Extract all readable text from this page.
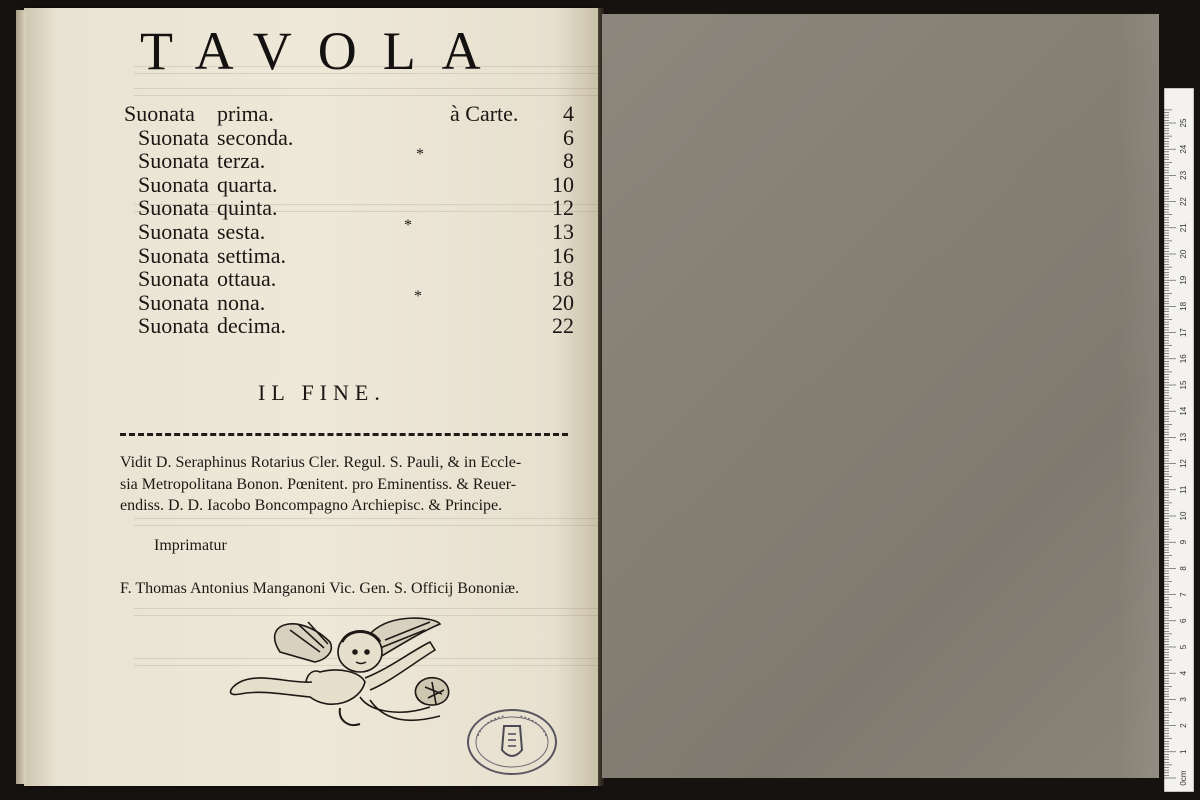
TAVOLA
Suonata prima.	à Carte.	4
Suonata seconda.	6
Suonata terza.	*	8
Suonata quarta.	10
Suonata quinta.	12
Suonata sesta.	*	13
Suonata settima.	16
Suonata ottaua.	18
Suonata nona.	*	20
Suonata decima.	22
IL FINE.

Vidit D. Seraphinus Rotarius Cler. Regul. S. Pauli, & in Eccle-
sia Metropolitana Bonon. Pœnitent. pro Eminentiss. & Reuer-
endiss. D. D. Iacobo Boncompagno Archiepisc. & Principe.

Imprimatur
F. Thomas Antonius Manganoni Vic. Gen. S. Officij Bononiæ.
0cm
1
2
3
4
5
6
7
8
9
10
11
12
13
14
15
16
17
18
19
20
21
22
23
24
25
